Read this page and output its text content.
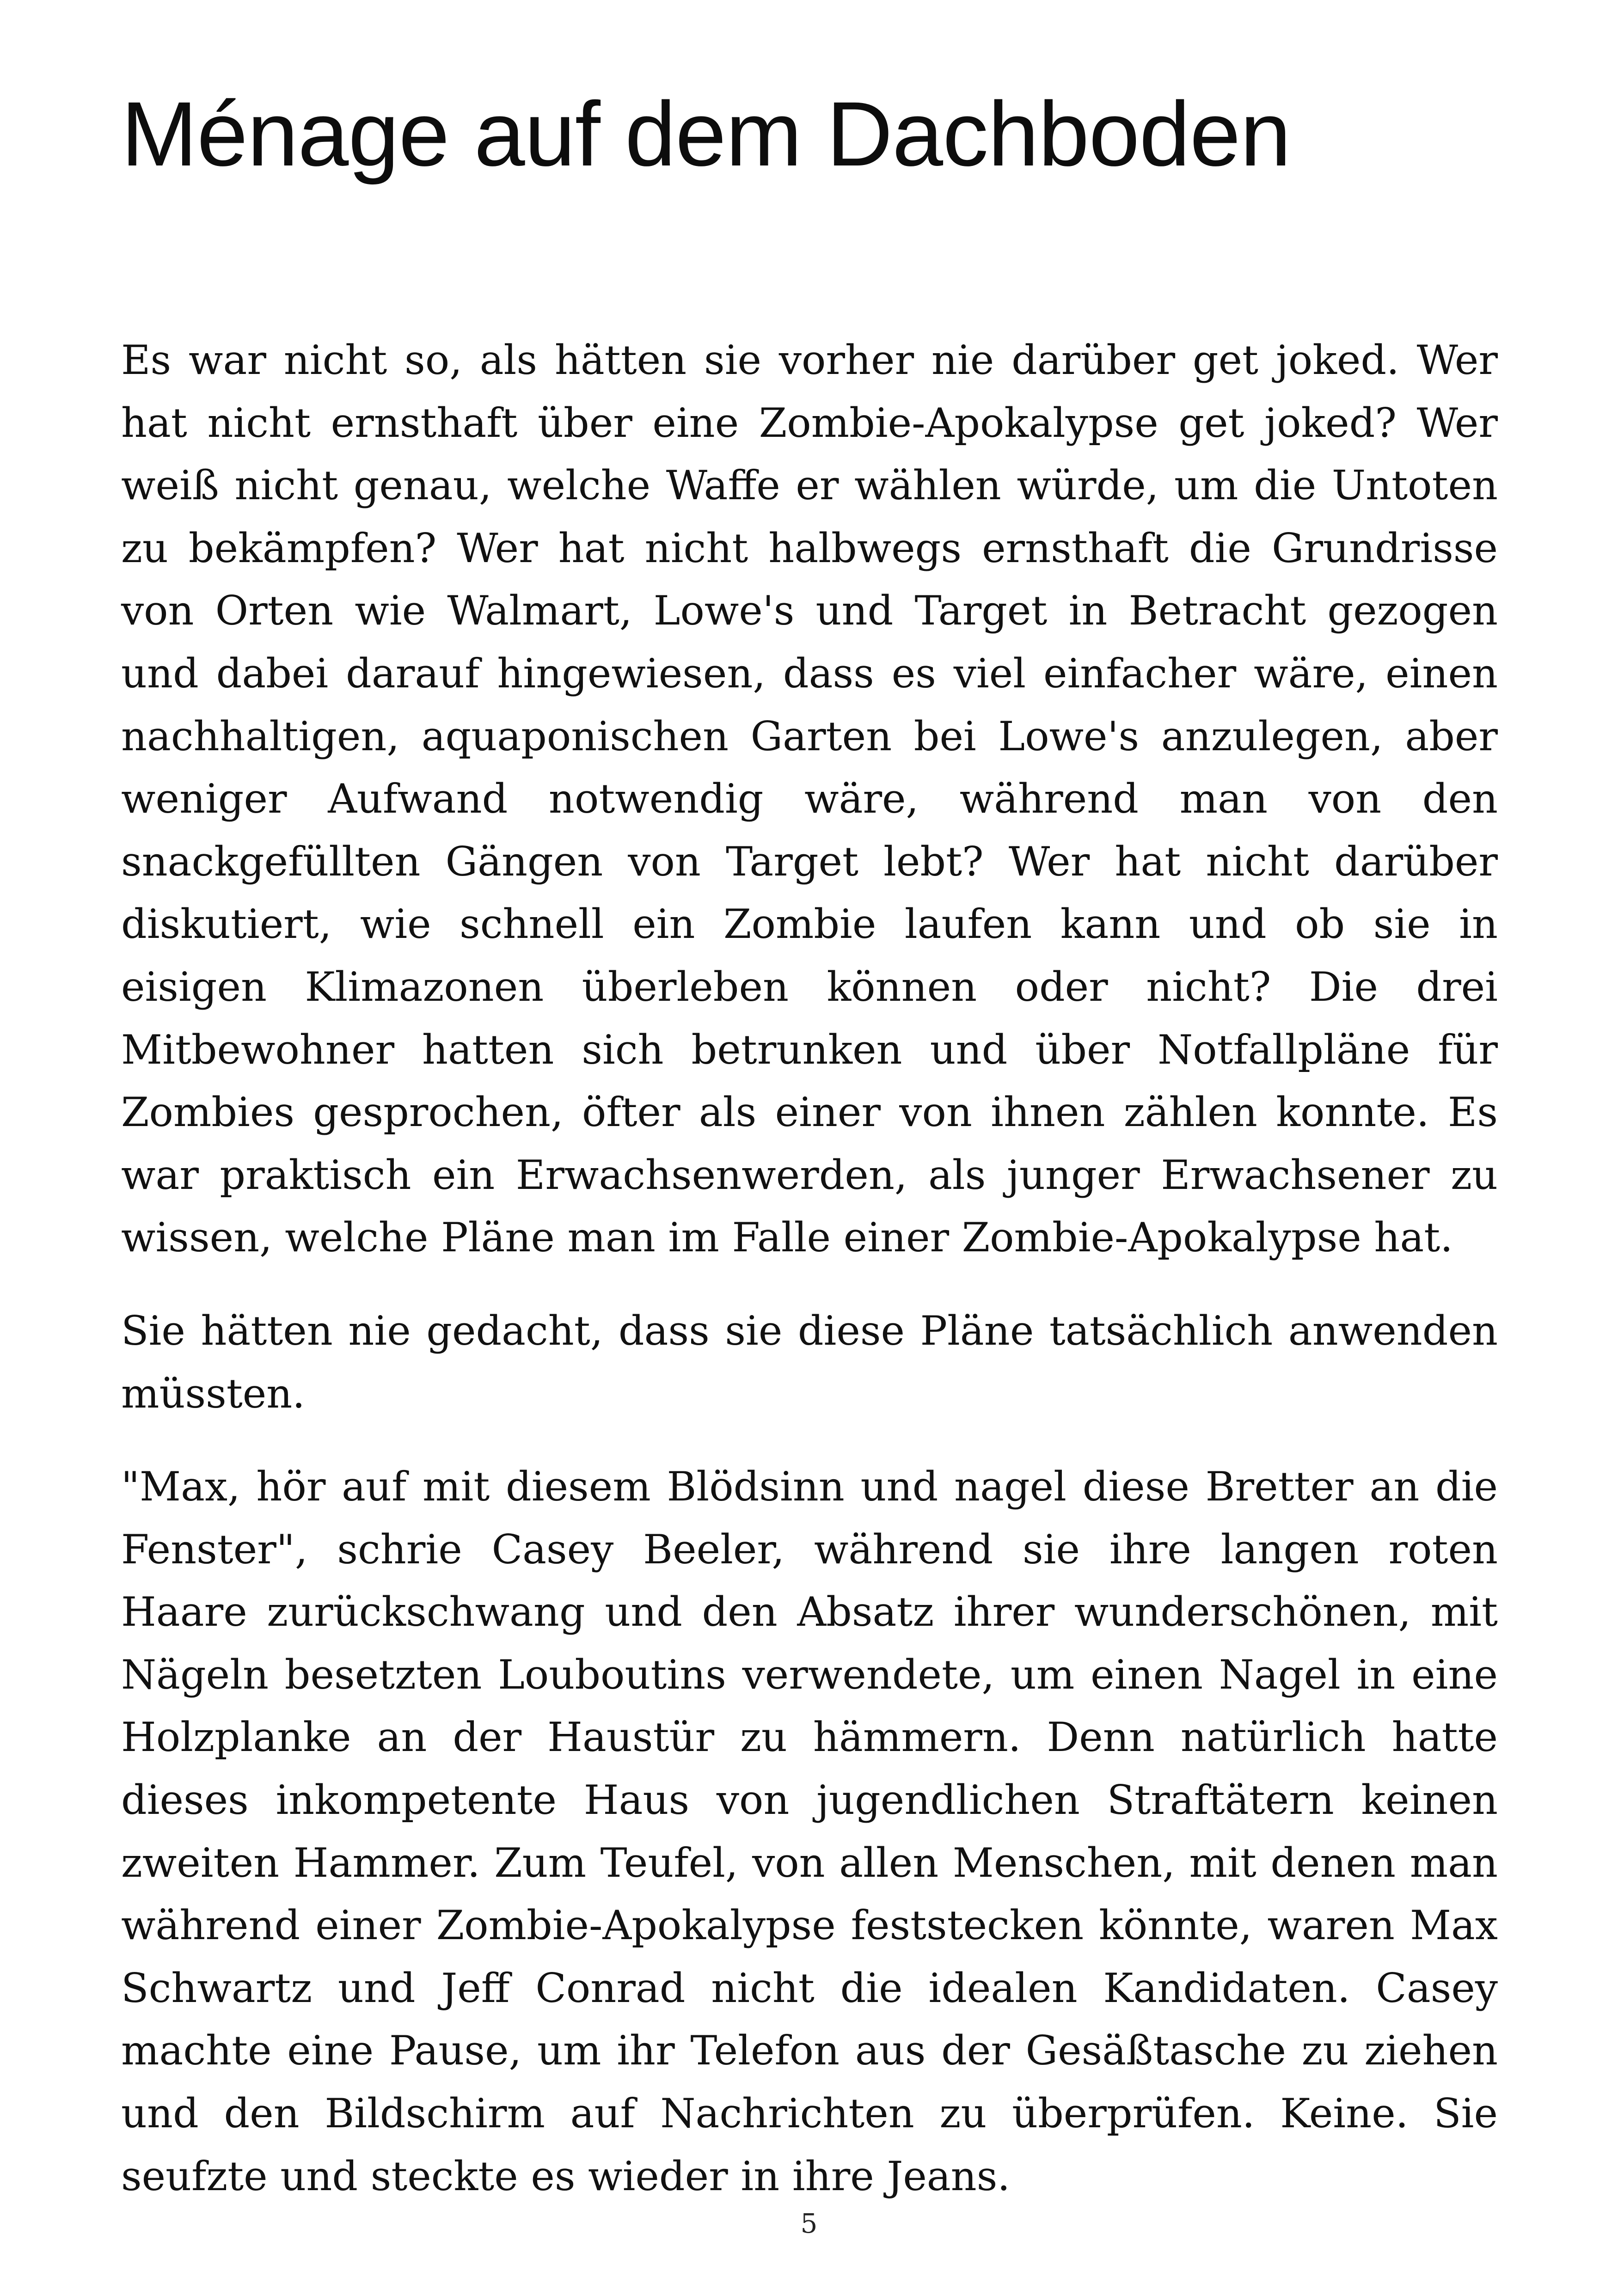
Ménage auf dem Dachboden

Es war nicht so, als hätten sie vorher nie darüber get joked. Wer hat nicht ernsthaft über eine Zombie-Apokalypse get joked? Wer weiß nicht genau, welche Waffe er wählen würde, um die Untoten zu bekämpfen? Wer hat nicht halbwegs ernsthaft die Grundrisse von Orten wie Walmart, Lowe's und Target in Betracht gezogen und dabei darauf hingewiesen, dass es viel einfacher wäre, einen nachhaltigen, aquaponischen Garten bei Lowe's anzulegen, aber weniger Aufwand notwendig wäre, während man von den snackgefüllten Gängen von Target lebt? Wer hat nicht darüber diskutiert, wie schnell ein Zombie laufen kann und ob sie in eisigen Klimazonen überleben können oder nicht? Die drei Mitbewohner hatten sich betrunken und über Notfallpläne für Zombies gesprochen, öfter als einer von ihnen zählen konnte. Es war praktisch ein Erwachsenwerden, als junger Erwachsener zu wissen, welche Pläne man im Falle einer Zombie-Apokalypse hat.

Sie hätten nie gedacht, dass sie diese Pläne tatsächlich anwenden müssten.

"Max, hör auf mit diesem Blödsinn und nagel diese Bretter an die Fenster", schrie Casey Beeler, während sie ihre langen roten Haare zurückschwang und den Absatz ihrer wunderschönen, mit Nägeln besetzten Louboutins verwendete, um einen Nagel in eine Holzplanke an der Haustür zu hämmern. Denn natürlich hatte dieses inkompetente Haus von jugendlichen Straftätern keinen zweiten Hammer. Zum Teufel, von allen Menschen, mit denen man während einer Zombie-Apokalypse feststecken könnte, waren Max Schwartz und Jeff Conrad nicht die idealen Kandidaten. Casey machte eine Pause, um ihr Telefon aus der Gesäßtasche zu ziehen und den Bildschirm auf Nachrichten zu überprüfen. Keine. Sie seufzte und steckte es wieder in ihre Jeans.

5
